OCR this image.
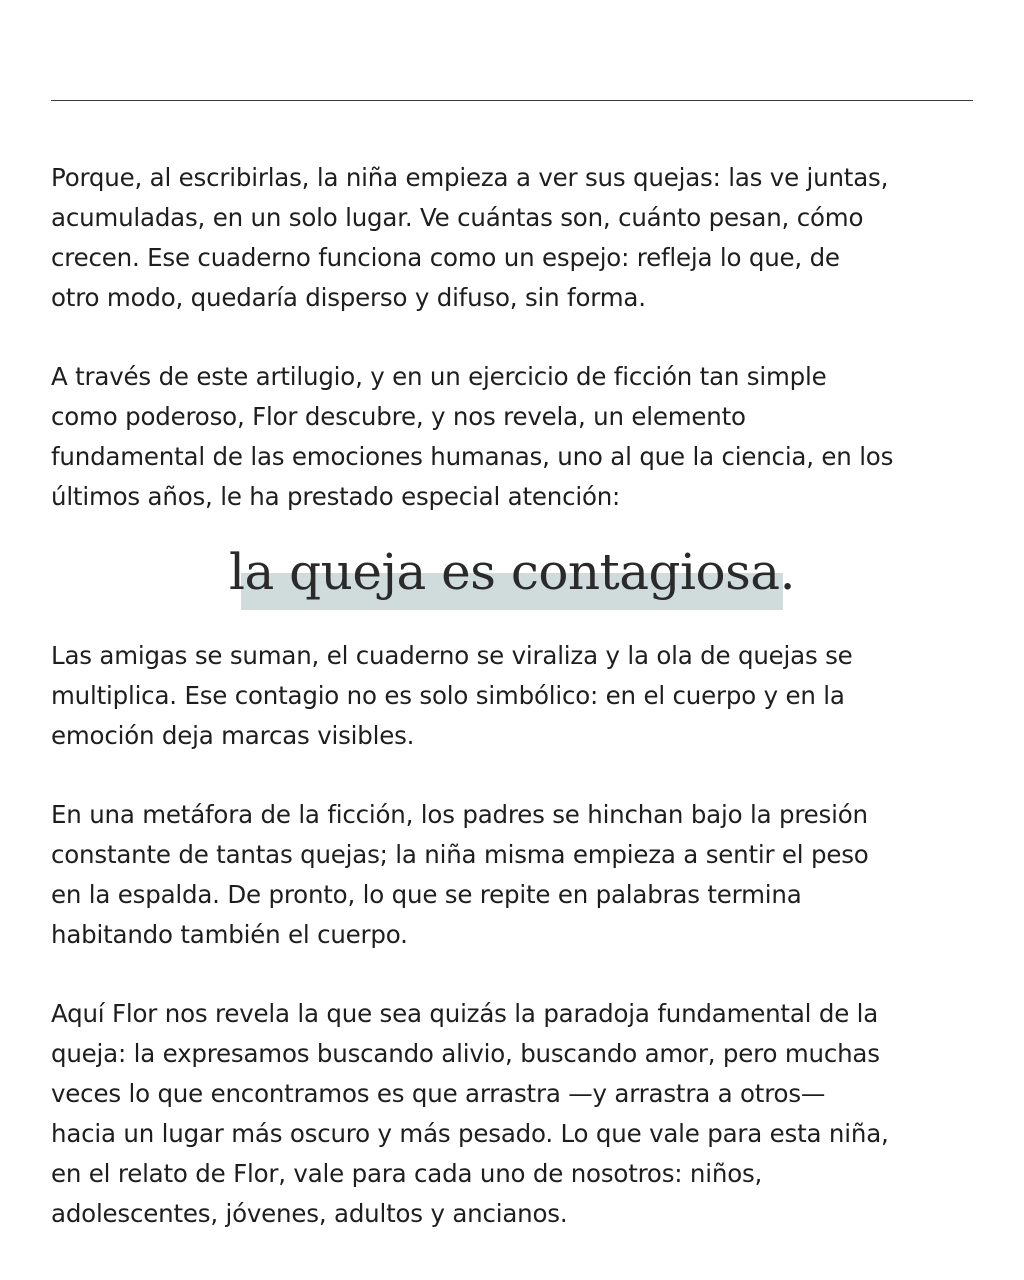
Porque, al escribirlas, la niña empieza a ver sus quejas: las ve juntas,
acumuladas, en un solo lugar. Ve cuántas son, cuánto pesan, cómo
crecen. Ese cuaderno funciona como un espejo: refleja lo que, de
otro modo, quedaría disperso y difuso, sin forma.

A través de este artilugio, y en un ejercicio de ficción tan simple
como poderoso, Flor descubre, y nos revela, un elemento
fundamental de las emociones humanas, uno al que la ciencia, en los
últimos años, le ha prestado especial atención:

la queja es contagiosa.

Las amigas se suman, el cuaderno se viraliza y la ola de quejas se
multiplica. Ese contagio no es solo simbólico: en el cuerpo y en la
emoción deja marcas visibles.

En una metáfora de la ficción, los padres se hinchan bajo la presión
constante de tantas quejas; la niña misma empieza a sentir el peso
en la espalda. De pronto, lo que se repite en palabras termina
habitando también el cuerpo.

Aquí Flor nos revela la que sea quizás la paradoja fundamental de la
queja: la expresamos buscando alivio, buscando amor, pero muchas
veces lo que encontramos es que arrastra —y arrastra a otros—
hacia un lugar más oscuro y más pesado. Lo que vale para esta niña,
en el relato de Flor, vale para cada uno de nosotros: niños,
adolescentes, jóvenes, adultos y ancianos.
